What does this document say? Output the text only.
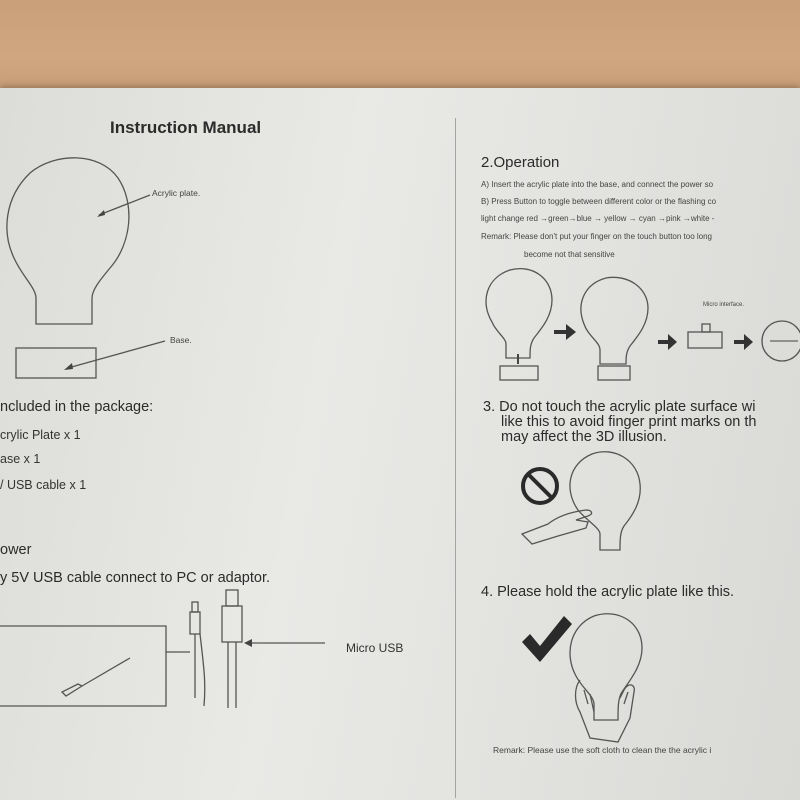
Instruction Manual
Acrylic plate.
Base.
ncluded in the package:
crylic Plate x 1
ase x 1
/ USB cable x 1
ower
y 5V USB cable connect to PC or adaptor.
Micro USB
2.Operation
A) Insert the acrylic plate into the base, and connect the power so
B) Press Button to toggle between different color or the flashing co
light change red →green→blue → yellow → cyan →pink →white -
Remark: Please don't put your finger on the touch button too long
become not that sensitive
Micro interface.
3. Do not touch the acrylic plate surface wi
like this to avoid finger print marks on th
may affect the 3D illusion.
4. Please hold the acrylic plate like this.
Remark: Please use the soft cloth to clean the the acrylic i
